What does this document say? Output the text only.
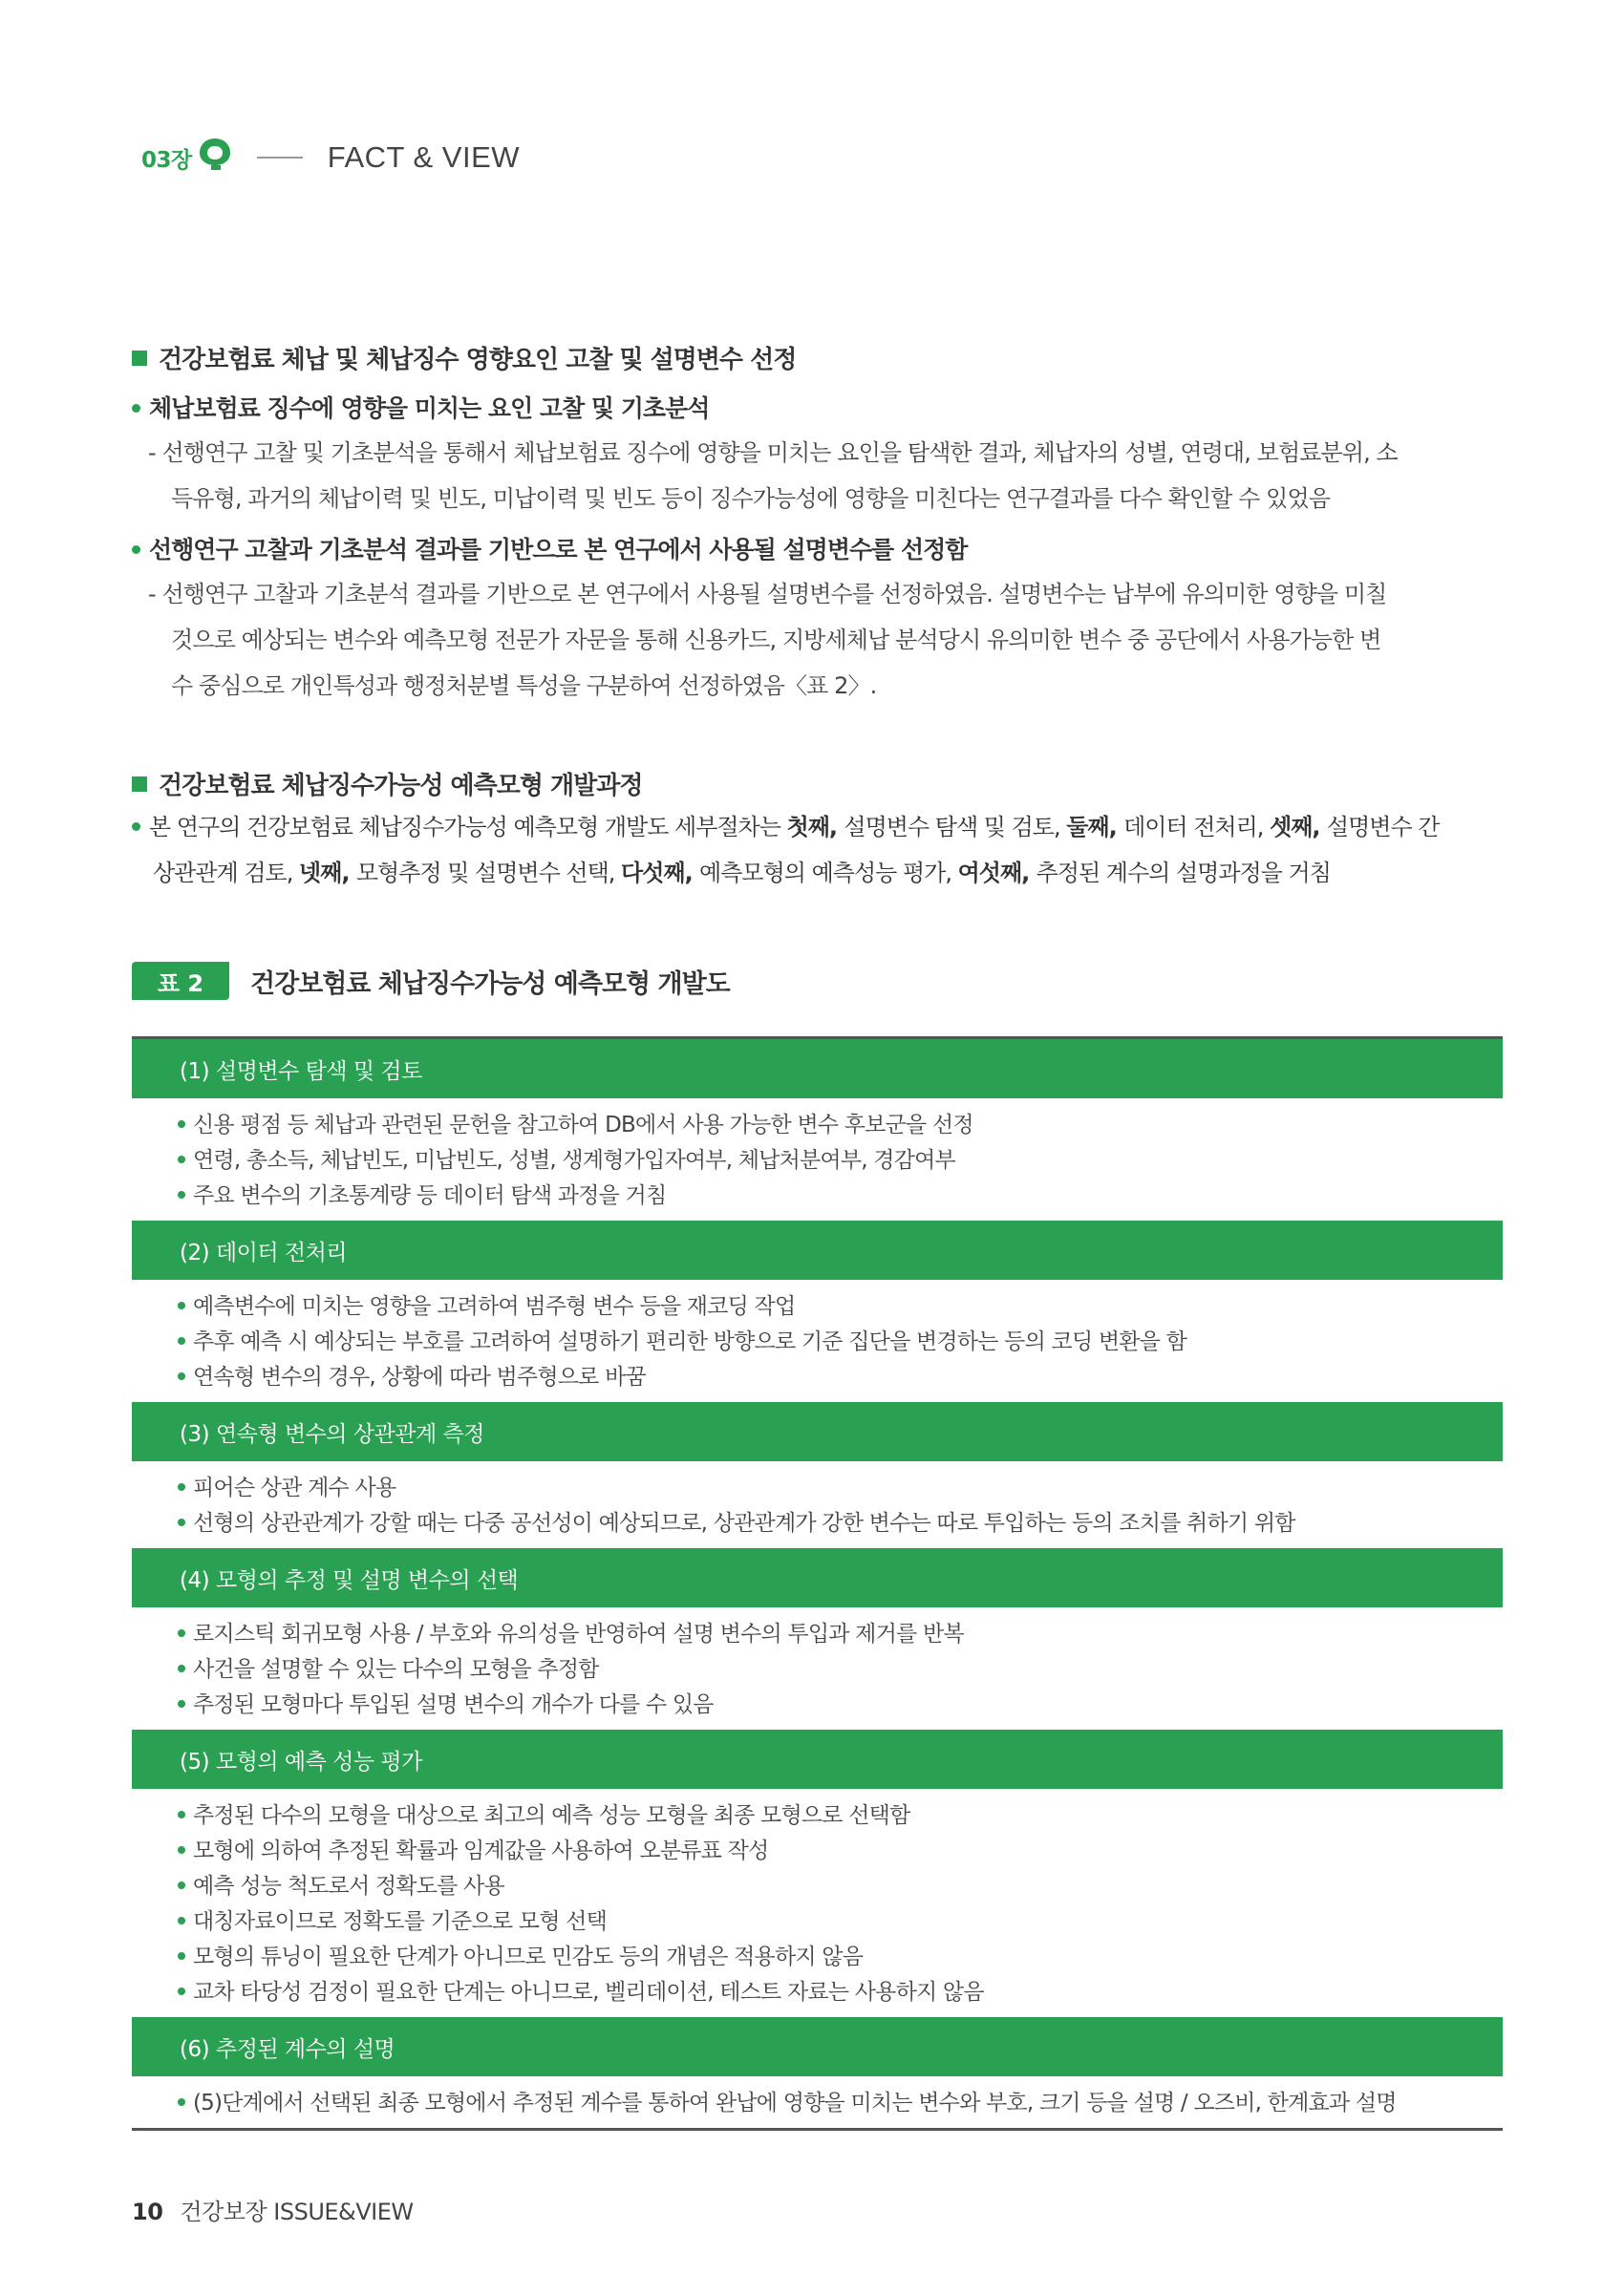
03장	FACT & VIEW
건강보험료 체납 및 체납징수 영향요인 고찰 및 설명변수 선정
체납보험료 징수에 영향을 미치는 요인 고찰 및 기초분석
- 선행연구 고찰 및 기초분석을 통해서 체납보험료 징수에 영향을 미치는 요인을 탐색한 결과, 체납자의 성별, 연령대, 보험료분위, 소
득유형, 과거의 체납이력 및 빈도, 미납이력 및 빈도 등이 징수가능성에 영향을 미친다는 연구결과를 다수 확인할 수 있었음
선행연구 고찰과 기초분석 결과를 기반으로 본 연구에서 사용될 설명변수를 선정함
- 선행연구 고찰과 기초분석 결과를 기반으로 본 연구에서 사용될 설명변수를 선정하였음. 설명변수는 납부에 유의미한 영향을 미칠
것으로 예상되는 변수와 예측모형 전문가 자문을 통해 신용카드, 지방세체납 분석당시 유의미한 변수 중 공단에서 사용가능한 변
수 중심으로 개인특성과 행정처분별 특성을 구분하여 선정하였음〈표 2〉.
건강보험료 체납징수가능성 예측모형 개발과정
본 연구의 건강보험료 체납징수가능성 예측모형 개발도 세부절차는 첫째, 설명변수 탐색 및 검토, 둘째, 데이터 전처리, 셋째, 설명변수 간
상관관계 검토, 넷째, 모형추정 및 설명변수 선택, 다섯째, 예측모형의 예측성능 평가, 여섯째, 추정된 계수의 설명과정을 거침
표 2	건강보험료 체납징수가능성 예측모형 개발도
(1) 설명변수 탐색 및 검토
신용 평점 등 체납과 관련된 문헌을 참고하여 DB에서 사용 가능한 변수 후보군을 선정
연령, 총소득, 체납빈도, 미납빈도, 성별, 생계형가입자여부, 체납처분여부, 경감여부
주요 변수의 기초통계량 등 데이터 탐색 과정을 거침
(2) 데이터 전처리
예측변수에 미치는 영향을 고려하여 범주형 변수 등을 재코딩 작업
추후 예측 시 예상되는 부호를 고려하여 설명하기 편리한 방향으로 기준 집단을 변경하는 등의 코딩 변환을 함
연속형 변수의 경우, 상황에 따라 범주형으로 바꿈
(3) 연속형 변수의 상관관계 측정
피어슨 상관 계수 사용
선형의 상관관계가 강할 때는 다중 공선성이 예상되므로, 상관관계가 강한 변수는 따로 투입하는 등의 조치를 취하기 위함
(4) 모형의 추정 및 설명 변수의 선택
로지스틱 회귀모형 사용 / 부호와 유의성을 반영하여 설명 변수의 투입과 제거를 반복
사건을 설명할 수 있는 다수의 모형을 추정함
추정된 모형마다 투입된 설명 변수의 개수가 다를 수 있음
(5) 모형의 예측 성능 평가
추정된 다수의 모형을 대상으로 최고의 예측 성능 모형을 최종 모형으로 선택함
모형에 의하여 추정된 확률과 임계값을 사용하여 오분류표 작성
예측 성능 척도로서 정확도를 사용
대칭자료이므로 정확도를 기준으로 모형 선택
모형의 튜닝이 필요한 단계가 아니므로 민감도 등의 개념은 적용하지 않음
교차 타당성 검정이 필요한 단계는 아니므로, 벨리데이션, 테스트 자료는 사용하지 않음
(6) 추정된 계수의 설명
(5)단계에서 선택된 최종 모형에서 추정된 계수를 통하여 완납에 영향을 미치는 변수와 부호, 크기 등을 설명 / 오즈비, 한계효과 설명
10 건강보장 ISSUE&VIEW
